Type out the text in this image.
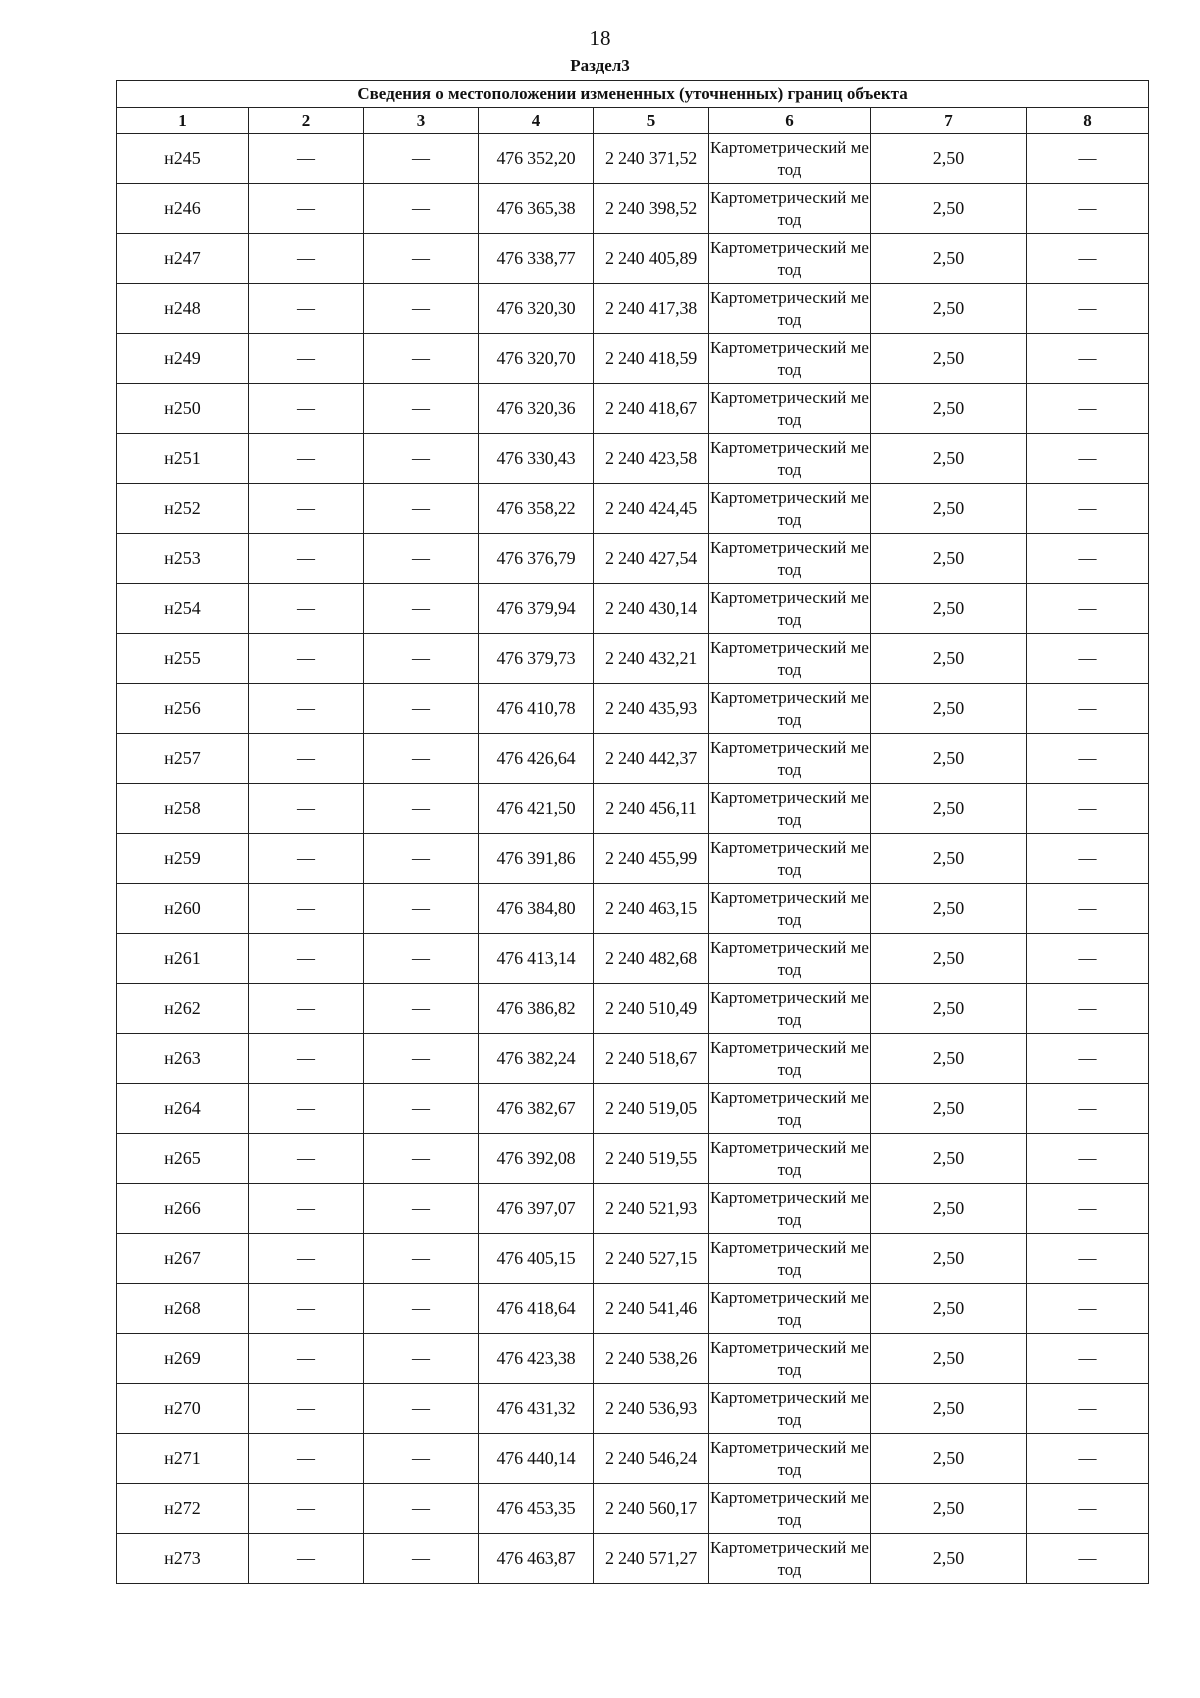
18
Раздел3
Сведения о местоположении измененных (уточненных) границ объекта							
1	2	3	4	5	6	7	8
н245	—	—	476 352,20	2 240 371,52	Картометрический метод	2,50	—
н246	—	—	476 365,38	2 240 398,52	Картометрический метод	2,50	—
н247	—	—	476 338,77	2 240 405,89	Картометрический метод	2,50	—
н248	—	—	476 320,30	2 240 417,38	Картометрический метод	2,50	—
н249	—	—	476 320,70	2 240 418,59	Картометрический метод	2,50	—
н250	—	—	476 320,36	2 240 418,67	Картометрический метод	2,50	—
н251	—	—	476 330,43	2 240 423,58	Картометрический метод	2,50	—
н252	—	—	476 358,22	2 240 424,45	Картометрический метод	2,50	—
н253	—	—	476 376,79	2 240 427,54	Картометрический метод	2,50	—
н254	—	—	476 379,94	2 240 430,14	Картометрический метод	2,50	—
н255	—	—	476 379,73	2 240 432,21	Картометрический метод	2,50	—
н256	—	—	476 410,78	2 240 435,93	Картометрический метод	2,50	—
н257	—	—	476 426,64	2 240 442,37	Картометрический метод	2,50	—
н258	—	—	476 421,50	2 240 456,11	Картометрический метод	2,50	—
н259	—	—	476 391,86	2 240 455,99	Картометрический метод	2,50	—
н260	—	—	476 384,80	2 240 463,15	Картометрический метод	2,50	—
н261	—	—	476 413,14	2 240 482,68	Картометрический метод	2,50	—
н262	—	—	476 386,82	2 240 510,49	Картометрический метод	2,50	—
н263	—	—	476 382,24	2 240 518,67	Картометрический метод	2,50	—
н264	—	—	476 382,67	2 240 519,05	Картометрический метод	2,50	—
н265	—	—	476 392,08	2 240 519,55	Картометрический метод	2,50	—
н266	—	—	476 397,07	2 240 521,93	Картометрический метод	2,50	—
н267	—	—	476 405,15	2 240 527,15	Картометрический метод	2,50	—
н268	—	—	476 418,64	2 240 541,46	Картометрический метод	2,50	—
н269	—	—	476 423,38	2 240 538,26	Картометрический метод	2,50	—
н270	—	—	476 431,32	2 240 536,93	Картометрический метод	2,50	—
н271	—	—	476 440,14	2 240 546,24	Картометрический метод	2,50	—
н272	—	—	476 453,35	2 240 560,17	Картометрический метод	2,50	—
н273	—	—	476 463,87	2 240 571,27	Картометрический метод	2,50	—
